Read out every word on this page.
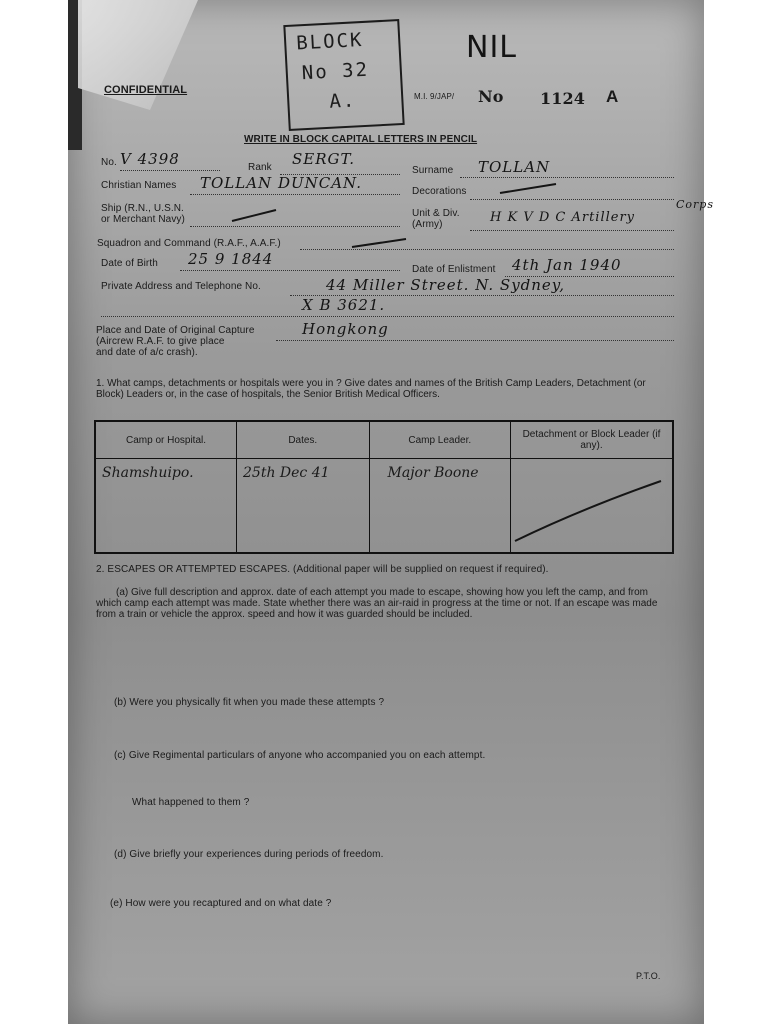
BLOCK
No 32
A.
NIL
CONFIDENTIAL
M.I. 9/JAP/ No 1124 A
WRITE IN BLOCK CAPITAL LETTERS IN PENCIL
No. V 4398	Rank SERGT.
Surname TOLLAN
Christian Names TOLLAN DUNCAN.	Decorations
Ship (R.N., U.S.N.
or Merchant Navy)
Unit & Div.
(Army)	H K V D C Artillery
Corps
Squadron and Command (R.A.F., A.A.F.)
Date of Birth 25 9 1844
Date of Enlistment 4th Jan 1940
Private Address and Telephone No.	44 Miller Street. N. Sydney,
X B 3621.
Place and Date of Original Capture
(Aircrew R.A.F. to give place
and date of a/c crash).
Hongkong
1. What camps, detachments or hospitals were you in ? Give dates and names of the British Camp Leaders, Detachment (or Block) Leaders or, in the case of hospitals, the Senior British Medical Officers.
Camp or Hospital.	Dates.	Camp Leader.	Detachment or Block Leader (if any).

Shamshuipo.	25th Dec 41	Major Boone

2. ESCAPES OR ATTEMPTED ESCAPES. (Additional paper will be supplied on request if required).
(a) Give full description and approx. date of each attempt you made to escape, showing how you left the camp, and from which camp each attempt was made. State whether there was an air-raid in progress at the time or not. If an escape was made from a train or vehicle the approx. speed and how it was guarded should be included.
(b) Were you physically fit when you made these attempts ?
(c) Give Regimental particulars of anyone who accompanied you on each attempt.
What happened to them ?
(d) Give briefly your experiences during periods of freedom.
(e) How were you recaptured and on what date ?
P.T.O.
